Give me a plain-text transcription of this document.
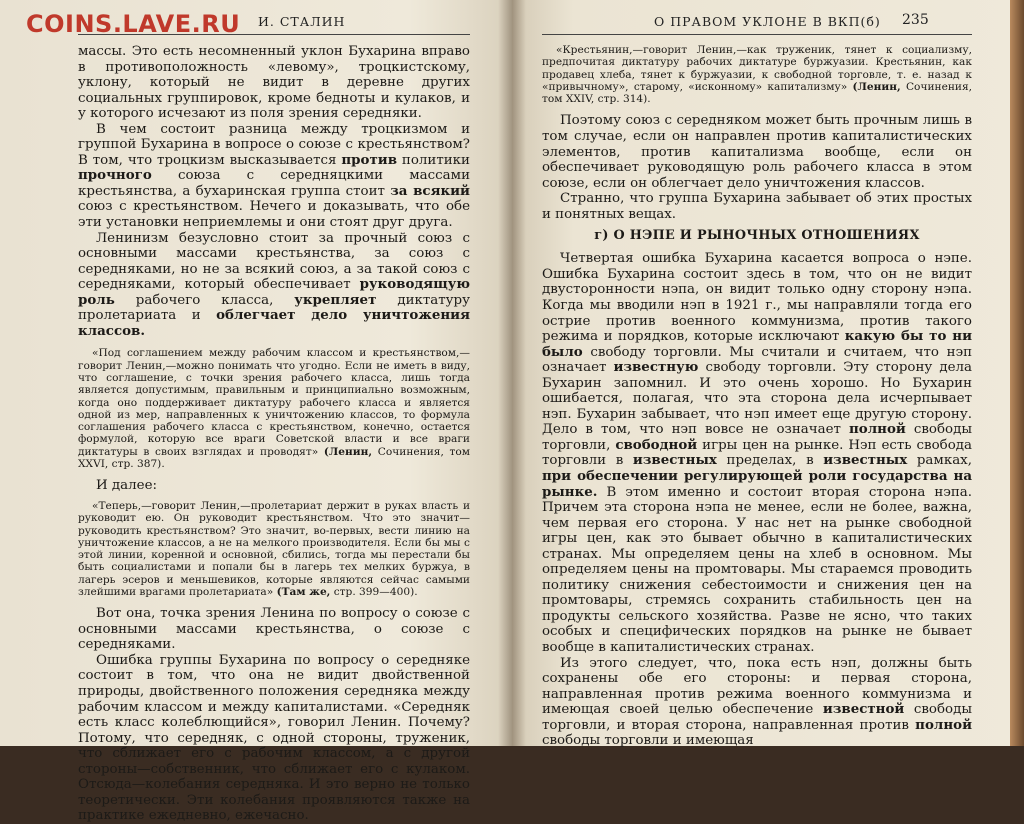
И. СТАЛИН

массы. Это есть несомненный уклон Бухарина вправо в противоположность «левому», троцкистскому, уклону, который не видит в деревне других социальных группировок, кроме бедноты и кулаков, и у которого исчезают из поля зрения середняки.

В чем состоит разница между троцкизмом и группой Бухарина в вопросе о союзе с крестьянством? В том, что троцкизм высказывается против политики прочного союза с середняцкими массами крестьянства, а бухаринская группа стоит за всякий союз с крестьянством. Нечего и доказывать, что обе эти установки неприемлемы и они стоят друг друга.

Ленинизм безусловно стоит за прочный союз с основными массами крестьянства, за союз с середняками, но не за всякий союз, а за такой союз с середняками, который обеспечивает руководящую роль рабочего класса, укрепляет диктатуру пролетариата и облегчает дело уничтожения классов.

«Под соглашением между рабочим классом и крестьянством,—говорит Ленин,—можно понимать что угодно. Если не иметь в виду, что соглашение, с точки зрения рабочего класса, лишь тогда является допустимым, правильным и принципиально возможным, когда оно поддерживает диктатуру рабочего класса и является одной из мер, направленных к уничтожению классов, то формула соглашения рабочего класса с крестьянством, конечно, остается формулой, которую все враги Советской власти и все враги диктатуры в своих взглядах и проводят» (Ленин, Сочинения, том XXVI, стр. 387).

И далее:

«Теперь,—говорит Ленин,—пролетариат держит в руках власть и руководит ею. Он руководит крестьянством. Что это значит—руководить крестьянством? Это значит, во-первых, вести линию на уничтожение классов, а не на мелкого производителя. Если бы мы с этой линии, коренной и основной, сбились, тогда мы перестали бы быть социалистами и попали бы в лагерь тех мелких буржуа, в лагерь эсеров и меньшевиков, которые являются сейчас самыми злейшими врагами пролетариата» (Там же, стр. 399—400).

Вот она, точка зрения Ленина по вопросу о союзе с основными массами крестьянства, о союзе с середняками.

Ошибка группы Бухарина по вопросу о середняке состоит в том, что она не видит двойственной природы, двойственного положения середняка между рабочим классом и между капиталистами. «Середняк есть класс колеблющийся», говорил Ленин. Почему? Потому, что середняк, с одной стороны, труженик, что сближает его с рабочим классом, а с другой стороны—собственник, что сближает его с кулаком. Отсюда—колебания середняка. И это верно не только теоретически. Эти колебания проявляются также на практике ежедневно, ежечасно.

О ПРАВОМ УКЛОНЕ В ВКП(б) 235

«Крестьянин,—говорит Ленин,—как труженик, тянет к социализму, предпочитая диктатуру рабочих диктатуре буржуазии. Крестьянин, как продавец хлеба, тянет к буржуазии, к свободной торговле, т. е. назад к «привычному», старому, «исконному» капитализму» (Ленин, Сочинения, том XXIV, стр. 314).

Поэтому союз с середняком может быть прочным лишь в том случае, если он направлен против капиталистических элементов, против капитализма вообще, если он обеспечивает руководящую роль рабочего класса в этом союзе, если он облегчает дело уничтожения классов.

Странно, что группа Бухарина забывает об этих простых и понятных вещах.

г) О НЭПЕ И РЫНОЧНЫХ ОТНОШЕНИЯХ

Четвертая ошибка Бухарина касается вопроса о нэпе. Ошибка Бухарина состоит здесь в том, что он не видит двусторонности нэпа, он видит только одну сторону нэпа. Когда мы вводили нэп в 1921 г., мы направляли тогда его острие против военного коммунизма, против такого режима и порядков, которые исключают какую бы то ни было свободу торговли. Мы считали и считаем, что нэп означает известную свободу торговли. Эту сторону дела Бухарин запомнил. И это очень хорошо. Но Бухарин ошибается, полагая, что эта сторона дела исчерпывает нэп. Бухарин забывает, что нэп имеет еще другую сторону. Дело в том, что нэп вовсе не означает полной свободы торговли, свободной игры цен на рынке. Нэп есть свобода торговли в известных пределах, в известных рамках, при обеспечении регулирующей роли государства на рынке. В этом именно и состоит вторая сторона нэпа. Причем эта сторона нэпа не менее, если не более, важна, чем первая его сторона. У нас нет на рынке свободной игры цен, как это бывает обычно в капиталистических странах. Мы определяем цены на хлеб в основном. Мы определяем цены на промтовары. Мы стараемся проводить политику снижения себестоимости и снижения цен на промтовары, стремясь сохранить стабильность цен на продукты сельского хозяйства. Разве не ясно, что таких особых и специфических порядков на рынке не бывает вообще в капиталистических странах.

Из этого следует, что, пока есть нэп, должны быть сохранены обе его стороны: и первая сторона, направленная против режима военного коммунизма и имеющая своей целью обеспечение известной свободы торговли, и вторая сторона, направленная против полной свободы торговли и имеющая

COINS.LAVE.RU
